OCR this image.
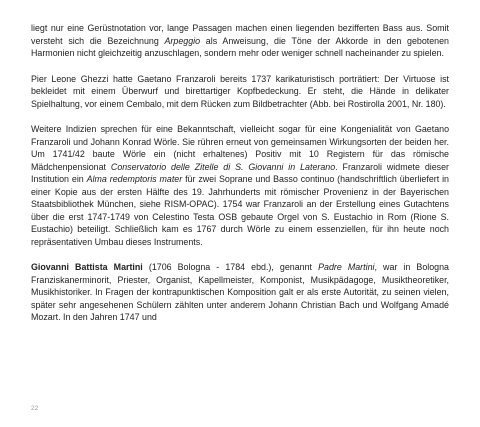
liegt nur eine Gerüstnotation vor, lange Passagen machen einen liegenden bezifferten Bass aus. Somit versteht sich die Bezeichnung Arpeggio als Anweisung, die Töne der Akkorde in den gebotenen Harmonien nicht gleichzeitig anzuschlagen, sondern mehr oder weniger schnell nacheinander zu spielen.

Pier Leone Ghezzi hatte Gaetano Franzaroli bereits 1737 karikaturistisch porträtiert: Der Virtuose ist bekleidet mit einem Überwurf und birettartiger Kopfbedeckung. Er steht, die Hände in delikater Spielhaltung, vor einem Cembalo, mit dem Rücken zum Bildbetrachter (Abb. bei Rostirolla 2001, Nr. 180).

Weitere Indizien sprechen für eine Bekanntschaft, vielleicht sogar für eine Kongenialität von Gaetano Franzaroli und Johann Konrad Wörle. Sie rühren erneut von gemeinsamen Wirkungsorten der beiden her. Um 1741/42 baute Wörle ein (nicht erhaltenes) Positiv mit 10 Registern für das römische Mädchenpensionat Conservatorio delle Zitelle di S. Giovanni in Laterano. Franzaroli widmete dieser Institution ein Alma redemptoris mater für zwei Soprane und Basso continuo (handschriftlich überliefert in einer Kopie aus der ersten Hälfte des 19. Jahrhunderts mit römischer Provenienz in der Bayerischen Staatsbibliothek München, siehe RISM-OPAC). 1754 war Franzaroli an der Erstellung eines Gutachtens über die erst 1747-1749 von Celestino Testa OSB gebaute Orgel von S. Eustachio in Rom (Rione S. Eustachio) beteiligt. Schließlich kam es 1767 durch Wörle zu einem essenziellen, für ihn heute noch repräsentativen Umbau dieses Instruments.

Giovanni Battista Martini (1706 Bologna - 1784 ebd.), genannt Padre Martini, war in Bologna Franziskanerminorit, Priester, Organist, Kapellmeister, Komponist, Musikpädagoge, Musiktheoretiker, Musikhistoriker. In Fragen der kontrapunktischen Komposition galt er als erste Autorität, zu seinen vielen, später sehr angesehenen Schülern zählten unter anderem Johann Christian Bach und Wolfgang Amadé Mozart. In den Jahren 1747 und

22
